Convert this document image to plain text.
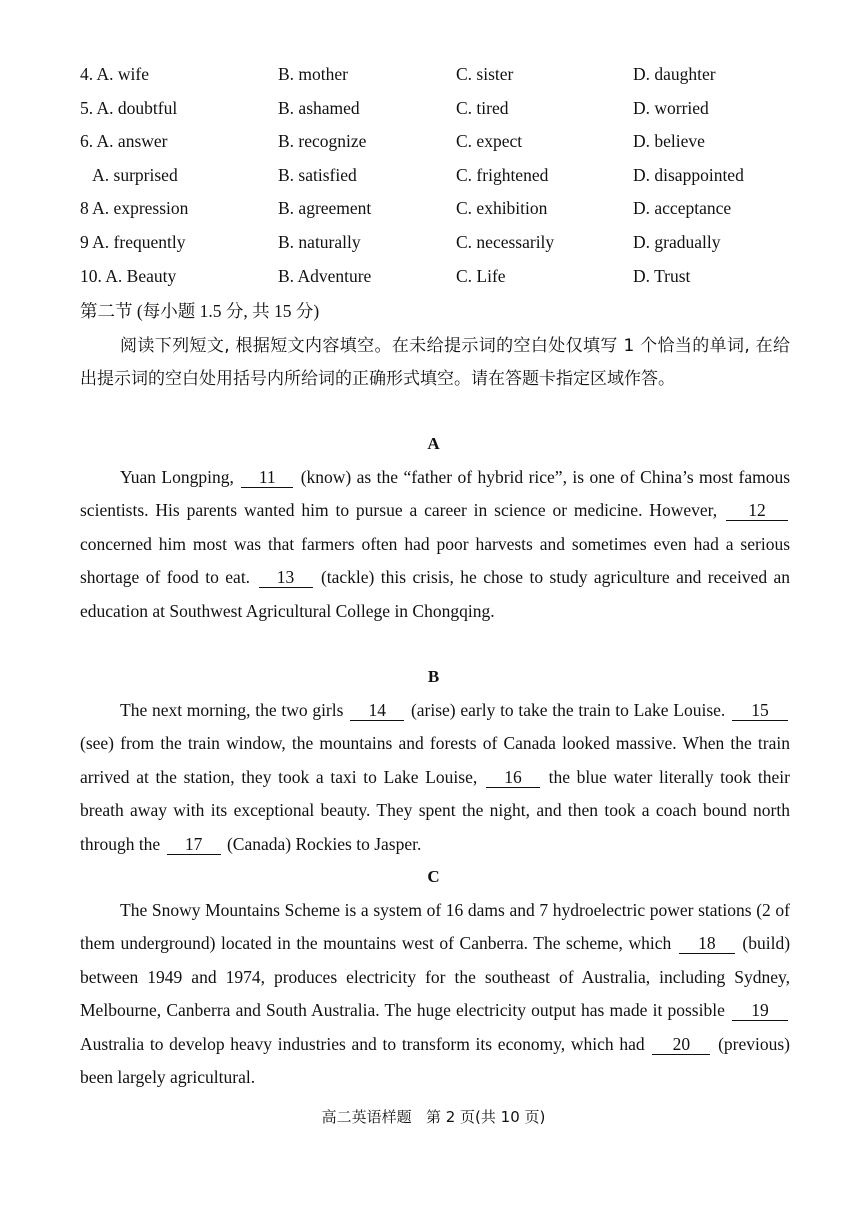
4. A. wife	B. mother	C. sister	D. daughter
5. A. doubtful	B. ashamed	C. tired	D. worried
6. A. answer	B. recognize	C. expect	D. believe
A. surprised	B. satisfied	C. frightened	D. disappointed
8 A. expression	B. agreement	C. exhibition	D. acceptance
9 A. frequently	B. naturally	C. necessarily	D. gradually
10. A. Beauty	B. Adventure	C. Life	D. Trust
第二节 (每小题 1.5 分, 共 15 分)
阅读下列短文, 根据短文内容填空。在未给提示词的空白处仅填写 1 个恰当的单词, 在给出提示词的空白处用括号内所给词的正确形式填空。请在答题卡指定区域作答。
A

Yuan Longping, 11 (know) as the “father of hybrid rice”, is one of China’s most famous scientists. His parents wanted him to pursue a career in science or medicine. However, 12 concerned him most was that farmers often had poor harvests and sometimes even had a serious shortage of food to eat. 13 (tackle) this crisis, he chose to study agriculture and received an education at Southwest Agricultural College in Chongqing.

B

The next morning, the two girls 14 (arise) early to take the train to Lake Louise. 15 (see) from the train window, the mountains and forests of Canada looked massive. When the train arrived at the station, they took a taxi to Lake Louise, 16 the blue water literally took their breath away with its exceptional beauty. They spent the night, and then took a coach bound north through the 17 (Canada) Rockies to Jasper.

C

The Snowy Mountains Scheme is a system of 16 dams and 7 hydroelectric power stations (2 of them underground) located in the mountains west of Canberra. The scheme, which 18 (build) between 1949 and 1974, produces electricity for the southeast of Australia, including Sydney, Melbourne, Canberra and South Australia. The huge electricity output has made it possible 19 Australia to develop heavy industries and to transform its economy, which had 20 (previous) been largely agricultural.

高二英语样题   第 2 页(共 10 页)
